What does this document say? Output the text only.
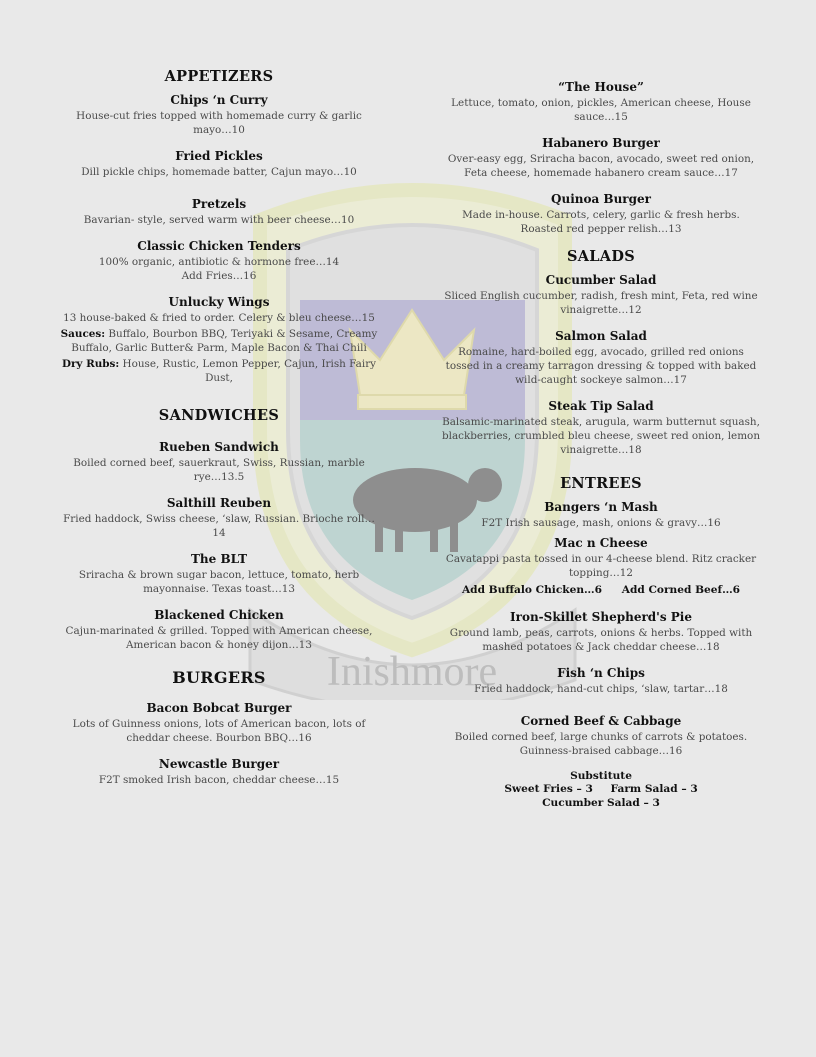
Inishmore
APPETIZERS
Chips ‘n Curry
House-cut fries topped with homemade curry & garlic mayo…10
Fried Pickles
Dill pickle chips, homemade batter, Cajun mayo…10
Pretzels
Bavarian- style, served warm with beer cheese…10
Classic Chicken Tenders
100% organic, antibiotic & hormone free…14
Add Fries…16
Unlucky Wings
13 house-baked & fried to order. Celery & bleu cheese…15
Sauces: Buffalo, Bourbon BBQ, Teriyaki & Sesame, Creamy Buffalo, Garlic Butter& Parm, Maple Bacon & Thai Chili
Dry Rubs: House, Rustic, Lemon Pepper, Cajun, Irish Fairy Dust,
SANDWICHES
Rueben Sandwich
Boiled corned beef, sauerkraut, Swiss, Russian, marble rye…13.5
Salthill Reuben
Fried haddock, Swiss cheese, ‘slaw, Russian. Brioche roll…14
The BLT
Sriracha & brown sugar bacon, lettuce, tomato, herb mayonnaise. Texas toast…13
Blackened Chicken
Cajun-marinated & grilled. Topped with American cheese, American bacon & honey dijon…13
BURGERS
Bacon Bobcat Burger
Lots of Guinness onions, lots of American bacon, lots of cheddar cheese. Bourbon BBQ…16
Newcastle Burger
F2T smoked Irish bacon, cheddar cheese…15
“The House”
Lettuce, tomato, onion, pickles, American cheese, House sauce…15
Habanero Burger
Over-easy egg, Sriracha bacon, avocado, sweet red onion, Feta cheese, homemade habanero cream sauce…17
Quinoa Burger
Made in-house. Carrots, celery, garlic & fresh herbs. Roasted red pepper relish…13
SALADS
Cucumber Salad
Sliced English cucumber, radish, fresh mint, Feta, red wine vinaigrette…12
Salmon Salad
Romaine, hard-boiled egg, avocado, grilled red onions tossed in a creamy tarragon dressing & topped with baked wild-caught sockeye salmon…17
Steak Tip Salad
Balsamic-marinated steak, arugula, warm butternut squash, blackberries, crumbled bleu cheese, sweet red onion, lemon vinaigrette…18
ENTREES
Bangers ‘n Mash
F2T Irish sausage, mash, onions & gravy…16
Mac n Cheese
Cavatappi pasta tossed in our 4-cheese blend. Ritz cracker topping…12
Add Buffalo Chicken…6 Add Corned Beef…6
Iron-Skillet Shepherd's Pie
Ground lamb, peas, carrots, onions & herbs. Topped with mashed potatoes & Jack cheddar cheese…18
Fish ‘n Chips
Fried haddock, hand-cut chips, ‘slaw, tartar…18
Corned Beef & Cabbage
Boiled corned beef, large chunks of carrots & potatoes. Guinness-braised cabbage…16
Substitute
Sweet Fries – 3 Farm Salad – 3
Cucumber Salad – 3
